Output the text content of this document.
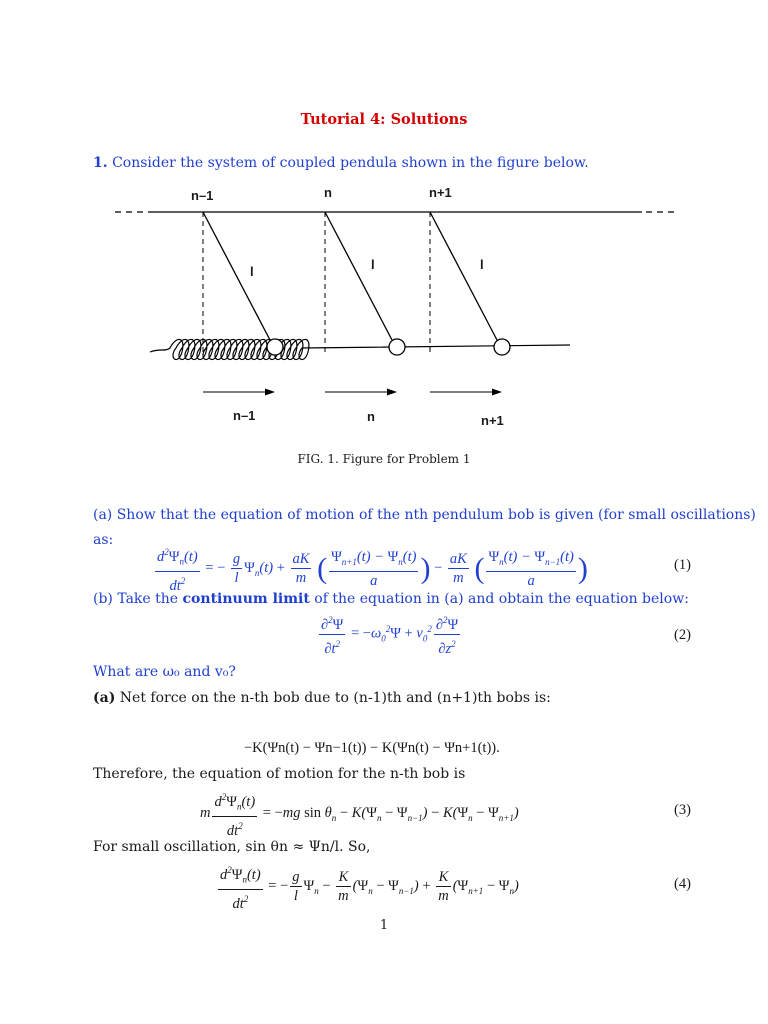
Tutorial 4: Solutions
1. Consider the system of coupled pendula shown in the figure below.
n–1	n	n+1
l	l	l
n–1	n	n+1
FIG. 1. Figure for Problem 1
(a) Show that the equation of motion of the nth pendulum bob is given (for small oscillations)
as:
$\frac{d^2\Psi_n(t)}{dt^2}$ = − $\frac{g}{l} \Psi_n(t) + \frac{aK}{m}$ ( $\frac{\Psi_{n+1}(t) - \Psi_n(t)}{a}$ ) − $\frac{aK}{m}$ ( $\frac{\Psi_n(t) - \Psi_{n-1}(t)}{a}$ )	(1)
(b) Take the continuum limit of the equation in (a) and obtain the equation below:
$\frac{\partial^2\Psi}{\partial t^2} = -\omega_0^2\Psi + v_0^2 \frac{\partial^2\Psi}{\partial z^2}$	(2)
What are ω₀ and v₀?
(a) Net force on the n-th bob due to (n-1)th and (n+1)th bobs is:
−K(Ψn(t) − Ψn−1(t)) − K(Ψn(t) − Ψn+1(t)).
Therefore, the equation of motion for the n-th bob is
m $\frac{d^2\Psi_n(t)}{dt^2} = -mg$ $\sin \theta_n - K(\Psi_n - \Psi_{n-1}) - K(\Psi_n - \Psi_{n+1})$	(3)
For small oscillation, sin θn ≈ Ψn/l. So,
$\frac{d^2\Psi_n(t)}{dt^2}$ = − $\frac{g}{l} \Psi_n - \frac{K}{m} (\Psi_n - \Psi_{n-1}) + \frac{K}{m} (\Psi_{n+1} - \Psi_n)$	(4)
1
